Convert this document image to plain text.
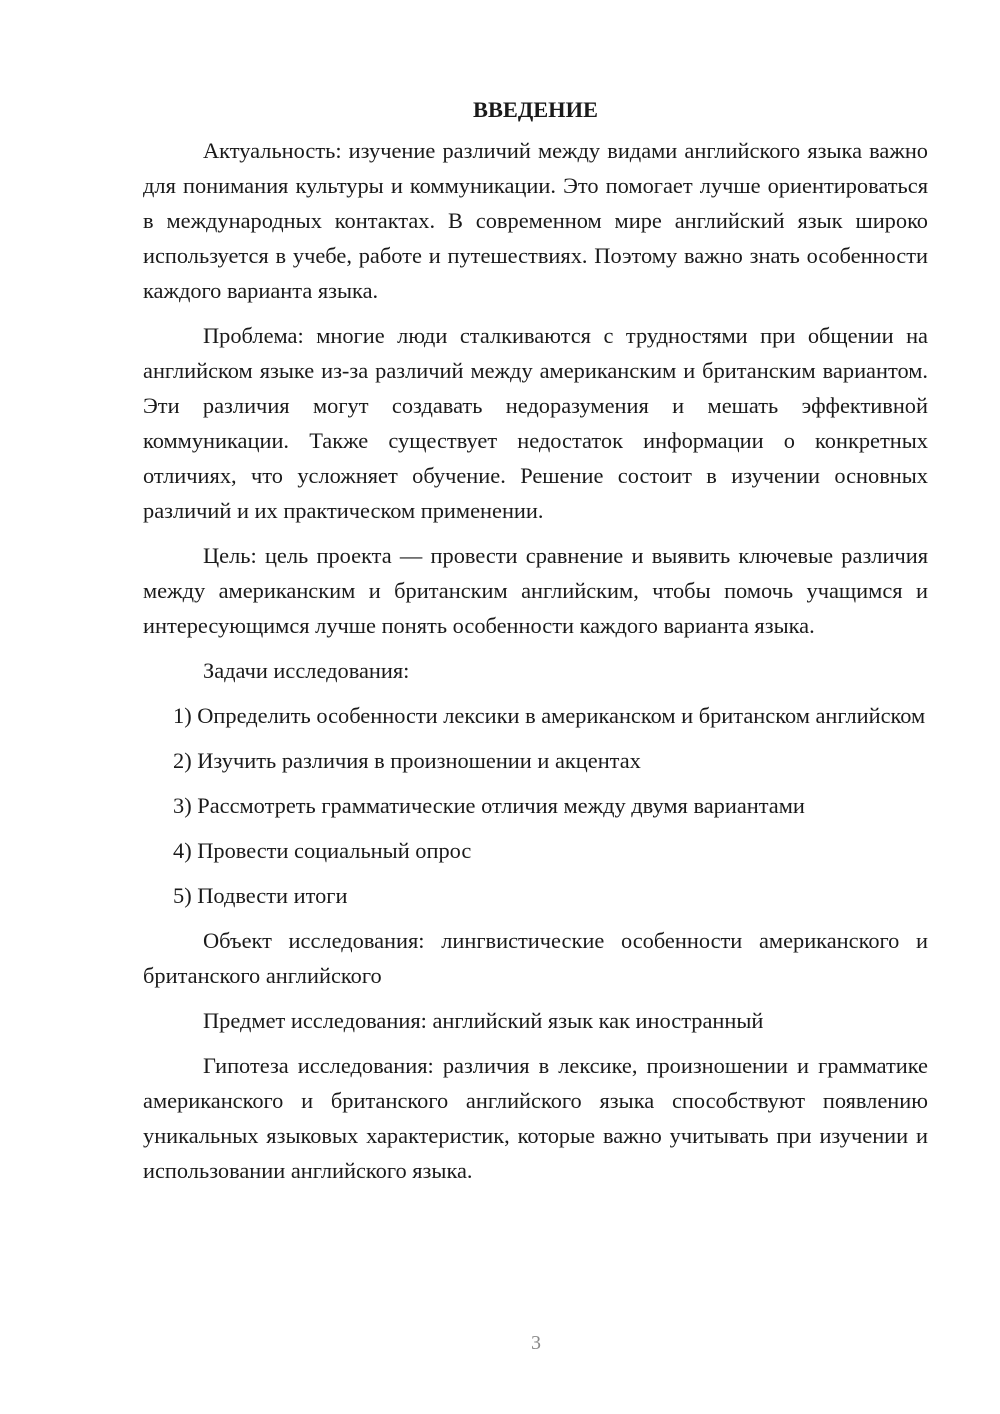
ВВЕДЕНИЕ

Актуальность: изучение различий между видами английского языка важно для понимания культуры и коммуникации. Это помогает лучше ориентироваться в международных контактах. В современном мире английский язык широко используется в учебе, работе и путешествиях. Поэтому важно знать особенности каждого варианта языка.

Проблема: многие люди сталкиваются с трудностями при общении на английском языке из-за различий между американским и британским вариантом. Эти различия могут создавать недоразумения и мешать эффективной коммуникации. Также существует недостаток информации о конкретных отличиях, что усложняет обучение. Решение состоит в изучении основных различий и их практическом применении.

Цель: цель проекта — провести сравнение и выявить ключевые различия между американским и британским английским, чтобы помочь учащимся и интересующимся лучше понять особенности каждого варианта языка.

Задачи исследования:

1) Определить особенности лексики в американском и британском английском

2) Изучить различия в произношении и акцентах

3) Рассмотреть грамматические отличия между двумя вариантами

4) Провести социальный опрос

5) Подвести итоги

Объект исследования: лингвистические особенности американского и британского английского

Предмет исследования: английский язык как иностранный

Гипотеза исследования: различия в лексике, произношении и грамматике американского и британского английского языка способствуют появлению уникальных языковых характеристик, которые важно учитывать при изучении и использовании английского языка.

3
